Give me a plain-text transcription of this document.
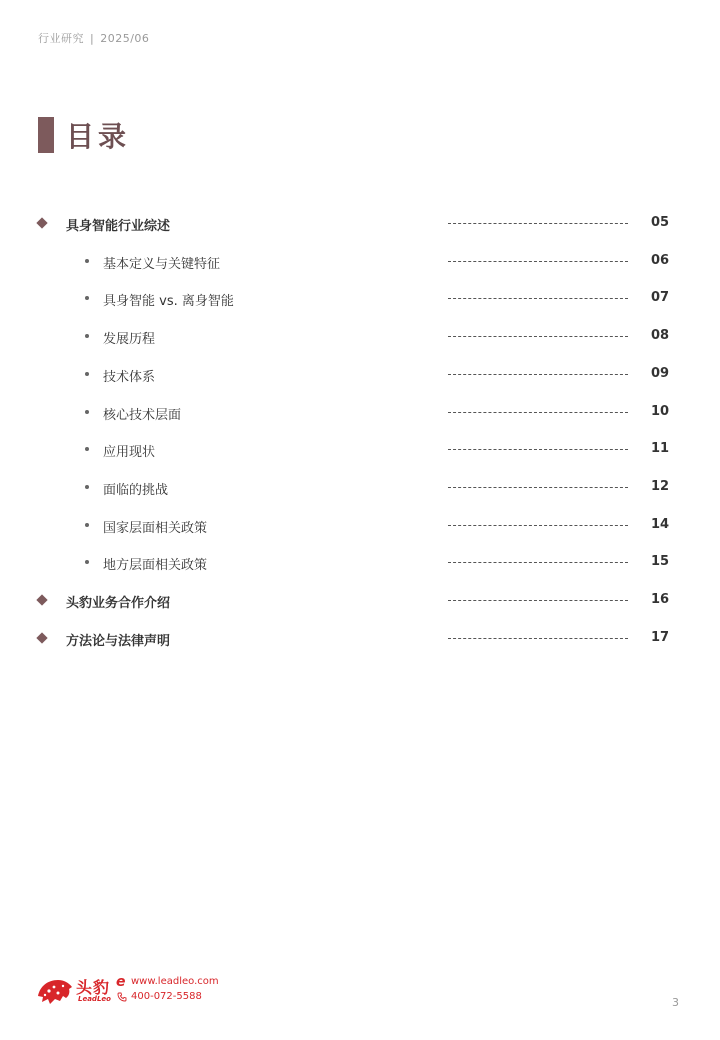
行业研究 | 2025/06
目录
具身智能行业综述	05
基本定义与关键特征	06
具身智能 vs. 离身智能	07
发展历程	08
技术体系	09
核心技术层面	10
应用现状	11
面临的挑战	12
国家层面相关政策	14
地方层面相关政策	15
头豹业务合作介绍	16
方法论与法律声明	17
头豹
LeadLeo
e www.leadleo.com
400-072-5588	3
